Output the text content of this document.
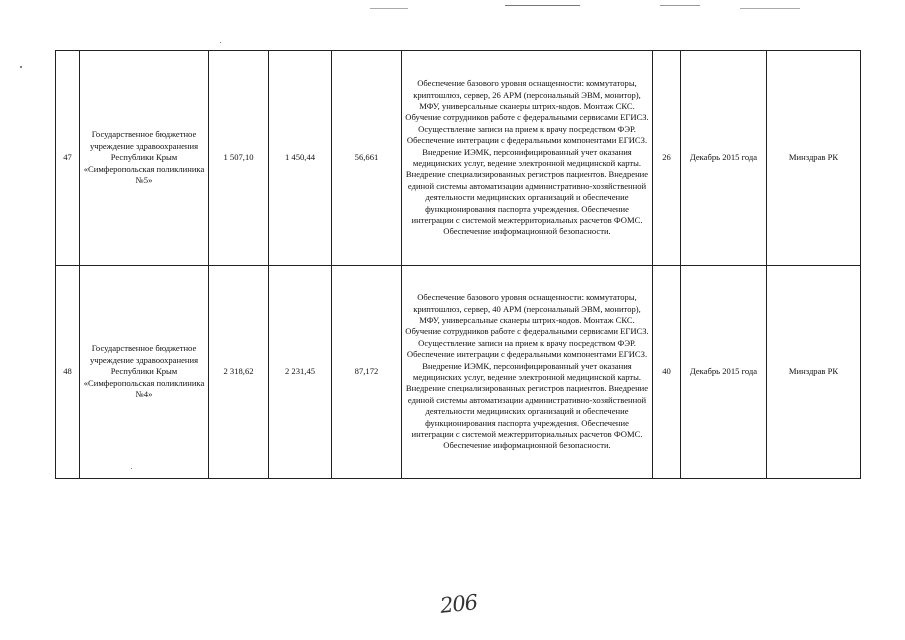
47	Государственное бюджетное учреждение здравоохранения Республики Крым «Симферопольская поликлиника №5»	1 507,10	1 450,44	56,661	Обеспечение базового уровня оснащенности: коммутаторы, криптошлюз, сервер, 26 АРМ (персональный ЭВМ, монитор), МФУ, универсальные сканеры штрих-кодов. Монтаж СКС. Обучение сотрудников работе с федеральными сервисами ЕГИСЗ. Осуществление записи на прием к врачу посредством ФЭР. Обеспечение интеграции с федеральными компонентами ЕГИСЗ. Внедрение ИЭМК, персонифицированный учет оказания медицинских услуг, ведение электронной медицинской карты. Внедрение специализированных регистров пациентов. Внедрение единой системы автоматизации административно-хозяйственной деятельности медицинских организаций и обеспечение функционирования паспорта учреждения. Обеспечение интеграции с системой межтерриториальных расчетов ФОМС. Обеспечение информационной безопасности.	26	Декабрь 2015 года	Минздрав РК
48	Государственное бюджетное учреждение здравоохранения Республики Крым «Симферопольская поликлиника №4»	2 318,62	2 231,45	87,172	Обеспечение базового уровня оснащенности: коммутаторы, криптошлюз, сервер, 40 АРМ (персональный ЭВМ, монитор), МФУ, универсальные сканеры штрих-кодов. Монтаж СКС. Обучение сотрудников работе с федеральными сервисами ЕГИСЗ. Осуществление записи на прием к врачу посредством ФЭР. Обеспечение интеграции с федеральными компонентами ЕГИСЗ. Внедрение ИЭМК, персонифицированный учет оказания медицинских услуг, ведение электронной медицинской карты. Внедрение специализированных регистров пациентов. Внедрение единой системы автоматизации административно-хозяйственной деятельности медицинских организаций и обеспечение функционирования паспорта учреждения. Обеспечение интеграции с системой межтерриториальных расчетов ФОМС. Обеспечение информационной безопасности.	40	Декабрь 2015 года	Минздрав РК
206
